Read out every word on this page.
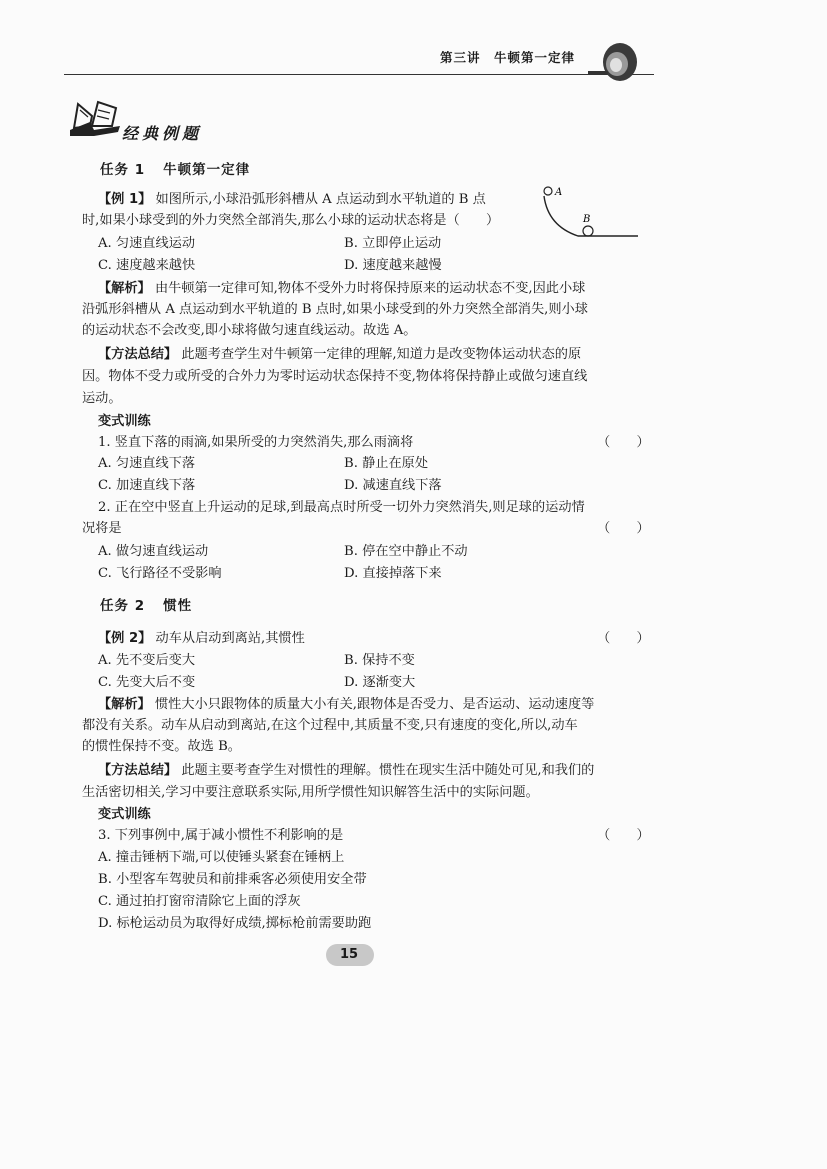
第三讲　牛顿第一定律
经典例题
任务 1 牛顿第一定律
【例 1】 如图所示,小球沿弧形斜槽从 A 点运动到水平轨道的 B 点
时,如果小球受到的外力突然全部消失,那么小球的运动状态将是（　　）
A. 匀速直线运动	B. 立即停止运动
C. 速度越来越快	D. 速度越来越慢
A
B
【解析】 由牛顿第一定律可知,物体不受外力时将保持原来的运动状态不变,因此小球
沿弧形斜槽从 A 点运动到水平轨道的 B 点时,如果小球受到的外力突然全部消失,则小球
的运动状态不会改变,即小球将做匀速直线运动。故选 A。
【方法总结】 此题考查学生对牛顿第一定律的理解,知道力是改变物体运动状态的原
因。物体不受力或所受的合外力为零时运动状态保持不变,物体将保持静止或做匀速直线
运动。
变式训练
1. 竖直下落的雨滴,如果所受的力突然消失,那么雨滴将	（　　）
A. 匀速直线下落	B. 静止在原处
C. 加速直线下落	D. 减速直线下落
2. 正在空中竖直上升运动的足球,到最高点时所受一切外力突然消失,则足球的运动情
况将是	（　　）
A. 做匀速直线运动	B. 停在空中静止不动
C. 飞行路径不受影响	D. 直接掉落下来
任务 2 惯性
【例 2】 动车从启动到离站,其惯性	（　　）
A. 先不变后变大	B. 保持不变
C. 先变大后不变	D. 逐渐变大
【解析】 惯性大小只跟物体的质量大小有关,跟物体是否受力、是否运动、运动速度等
都没有关系。动车从启动到离站,在这个过程中,其质量不变,只有速度的变化,所以,动车
的惯性保持不变。故选 B。
【方法总结】 此题主要考查学生对惯性的理解。惯性在现实生活中随处可见,和我们的
生活密切相关,学习中要注意联系实际,用所学惯性知识解答生活中的实际问题。
变式训练
3. 下列事例中,属于减小惯性不利影响的是	（　　）
A. 撞击锤柄下端,可以使锤头紧套在锤柄上
B. 小型客车驾驶员和前排乘客必须使用安全带
C. 通过拍打窗帘清除它上面的浮灰
D. 标枪运动员为取得好成绩,掷标枪前需要助跑
15
